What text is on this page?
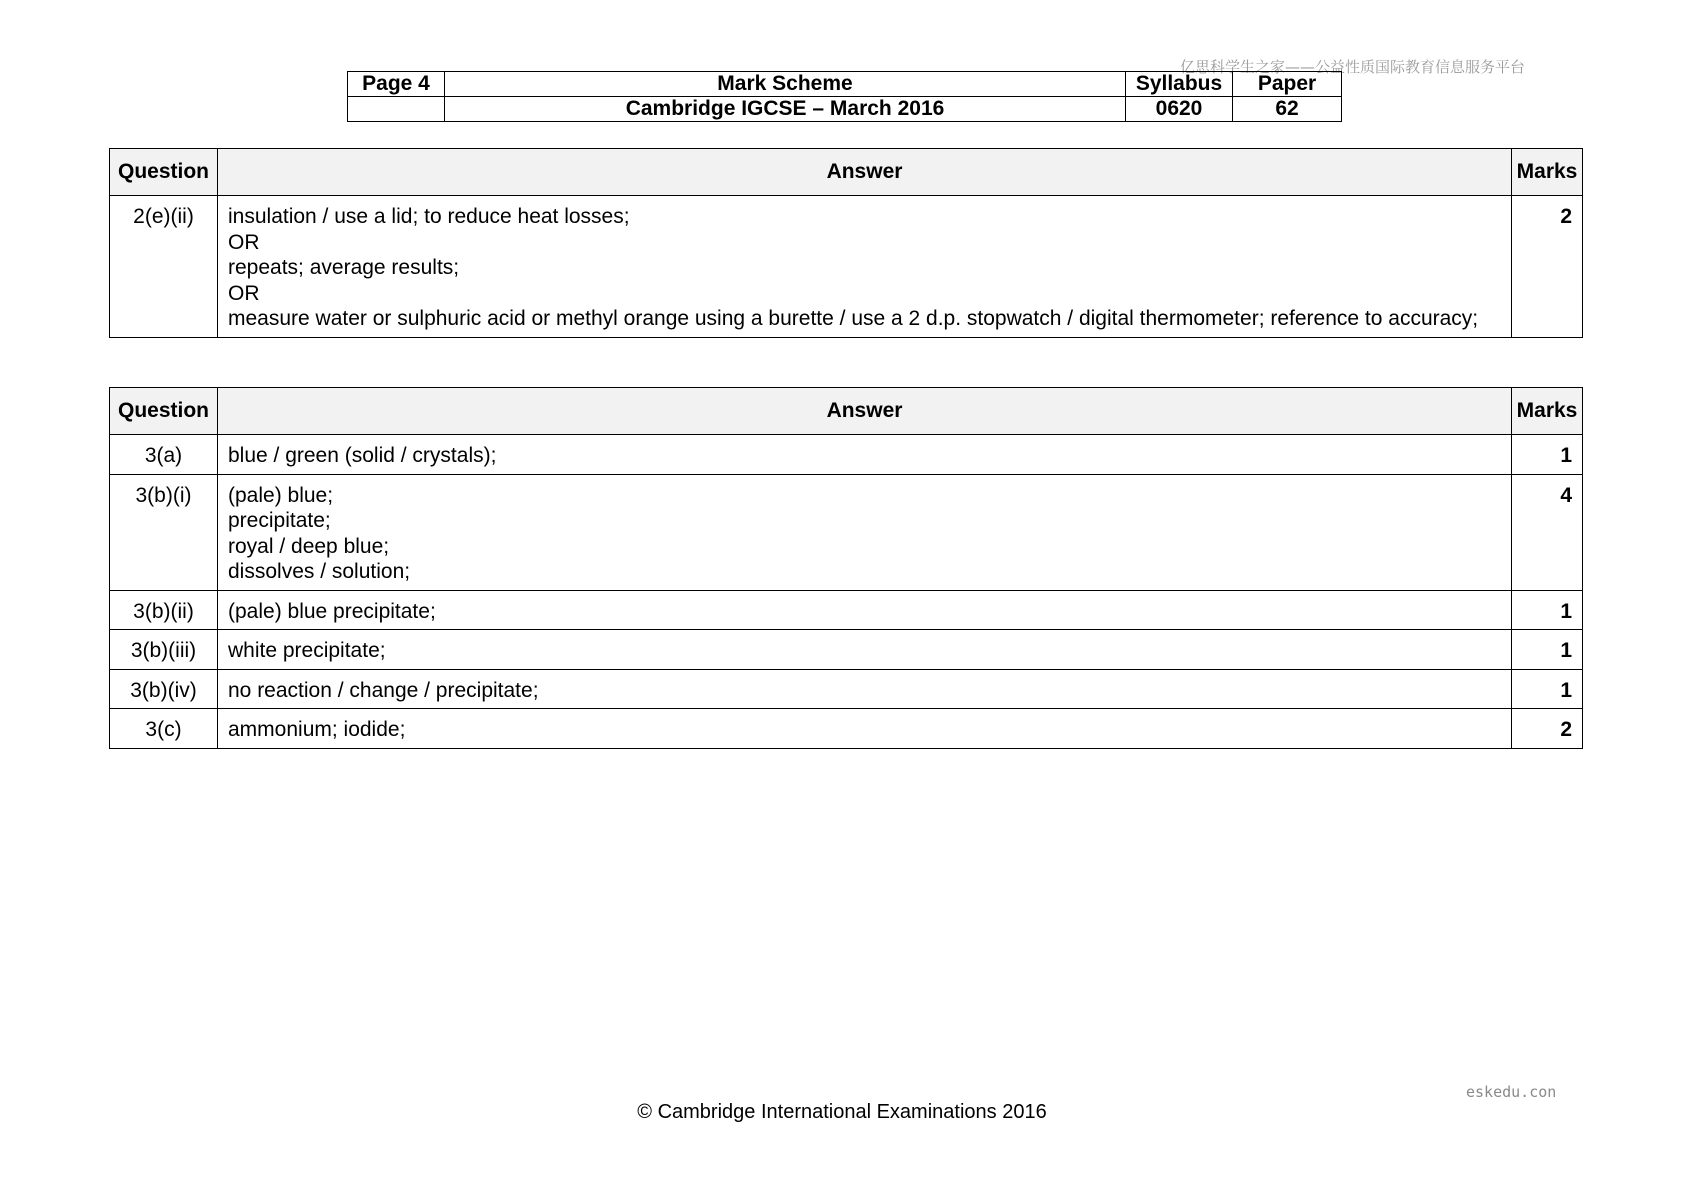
亿思科学生之家——公益性质国际教育信息服务平台
Page 4	Mark Scheme	Syllabus	Paper
	Cambridge IGCSE – March 2016	0620	62
Question	Answer	Marks
2(e)(ii)	insulation / use a lid; to reduce heat losses;
OR
repeats; average results;
OR
measure water or sulphuric acid or methyl orange using a burette / use a 2 d.p. stopwatch / digital thermometer; reference to accuracy;	2
Question	Answer	Marks
3(a)	blue / green (solid / crystals);	1
3(b)(i)	(pale) blue;
precipitate;
royal / deep blue;
dissolves / solution;	4
3(b)(ii)	(pale) blue precipitate;	1
3(b)(iii)	white precipitate;	1
3(b)(iv)	no reaction / change / precipitate;	1
3(c)	ammonium; iodide;	2
eskedu.con
© Cambridge International Examinations 2016
